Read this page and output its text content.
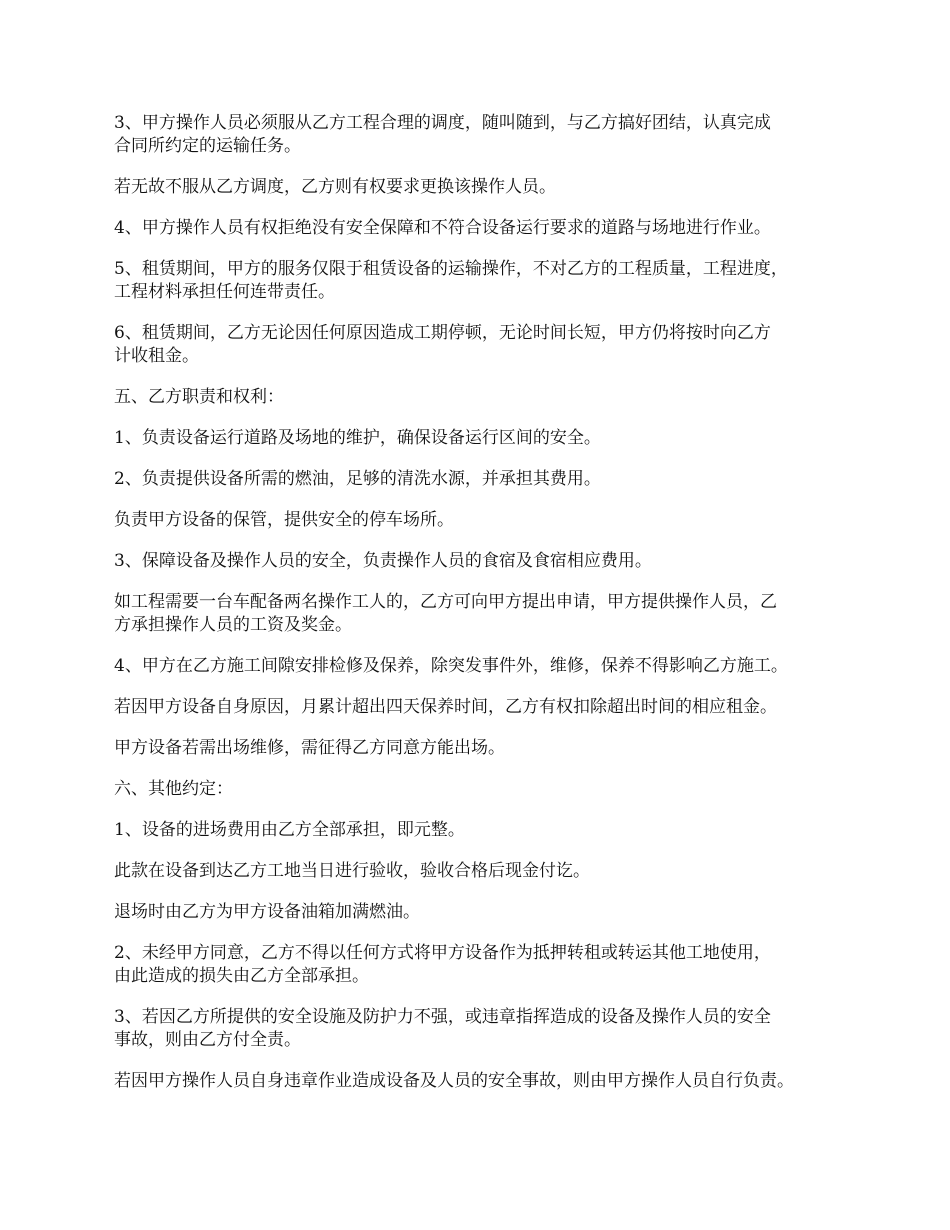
3、甲方操作人员必须服从乙方工程合理的调度，随叫随到，与乙方搞好团结，认真完成
合同所约定的运输任务。

若无故不服从乙方调度，乙方则有权要求更换该操作人员。

4、甲方操作人员有权拒绝没有安全保障和不符合设备运行要求的道路与场地进行作业。

5、租赁期间，甲方的服务仅限于租赁设备的运输操作，不对乙方的工程质量，工程进度，
工程材料承担任何连带责任。

6、租赁期间，乙方无论因任何原因造成工期停顿，无论时间长短，甲方仍将按时向乙方
计收租金。

五、乙方职责和权利：

1、负责设备运行道路及场地的维护，确保设备运行区间的安全。

2、负责提供设备所需的燃油，足够的清洗水源，并承担其费用。

负责甲方设备的保管，提供安全的停车场所。

3、保障设备及操作人员的安全，负责操作人员的食宿及食宿相应费用。

如工程需要一台车配备两名操作工人的，乙方可向甲方提出申请，甲方提供操作人员，乙
方承担操作人员的工资及奖金。

4、甲方在乙方施工间隙安排检修及保养，除突发事件外，维修，保养不得影响乙方施工。

若因甲方设备自身原因，月累计超出四天保养时间，乙方有权扣除超出时间的相应租金。

甲方设备若需出场维修，需征得乙方同意方能出场。

六、其他约定：

1、设备的进场费用由乙方全部承担，即元整。

此款在设备到达乙方工地当日进行验收，验收合格后现金付讫。

退场时由乙方为甲方设备油箱加满燃油。

2、未经甲方同意，乙方不得以任何方式将甲方设备作为抵押转租或转运其他工地使用，
由此造成的损失由乙方全部承担。

3、若因乙方所提供的安全设施及防护力不强，或违章指挥造成的设备及操作人员的安全
事故，则由乙方付全责。

若因甲方操作人员自身违章作业造成设备及人员的安全事故，则由甲方操作人员自行负责。
